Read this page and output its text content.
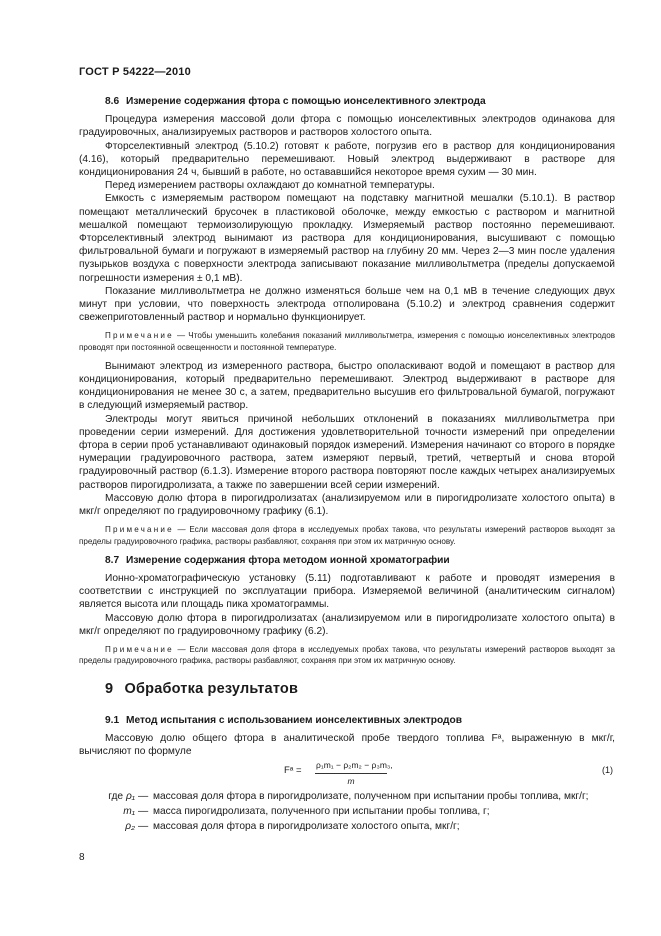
ГОСТ Р 54222—2010
8.6 Измерение содержания фтора с помощью ионселективного электрода

Процедура измерения массовой доли фтора с помощью ионселективных электродов одинакова для градуировочных, анализируемых растворов и растворов холостого опыта.

Фторселективный электрод (5.10.2) готовят к работе, погрузив его в раствор для кондиционирования (4.16), который предварительно перемешивают. Новый электрод выдерживают в растворе для кондиционирования 24 ч, бывший в работе, но остававшийся некоторое время сухим — 30 мин.

Перед измерением растворы охлаждают до комнатной температуры.

Емкость с измеряемым раствором помещают на подставку магнитной мешалки (5.10.1). В раствор помещают металлический брусочек в пластиковой оболочке, между емкостью с раствором и магнитной мешалкой помещают термоизолирующую прокладку. Измеряемый раствор постоянно перемешивают. Фторселективный электрод вынимают из раствора для кондиционирования, высушивают с помощью фильтровальной бумаги и погружают в измеряемый раствор на глубину 20 мм. Через 2—3 мин после удаления пузырьков воздуха с поверхности электрода записывают показание милливольтметра (пределы допускаемой погрешности измерения ± 0,1 мВ).

Показание милливольтметра не должно изменяться больше чем на 0,1 мВ в течение следующих двух минут при условии, что поверхность электрода отполирована (5.10.2) и электрод сравнения содержит свежеприготовленный раствор и нормально функционирует.

Примечание — Чтобы уменьшить колебания показаний милливольтметра, измерения с помощью ионселективных электродов проводят при постоянной освещенности и постоянной температуре.

Вынимают электрод из измеренного раствора, быстро ополаскивают водой и помещают в раствор для кондиционирования, который предварительно перемешивают. Электрод выдерживают в растворе для кондиционирования не менее 30 с, а затем, предварительно высушив его фильтровальной бумагой, погружают в следующий измеряемый раствор.

Электроды могут явиться причиной небольших отклонений в показаниях милливольтметра при проведении серии измерений. Для достижения удовлетворительной точности измерений при определении фтора в серии проб устанавливают одинаковый порядок измерений. Измерения начинают со второго в порядке нумерации градуировочного раствора, затем измеряют первый, третий, четвертый и снова второй градуировочный раствор (6.1.3). Измерение второго раствора повторяют после каждых четырех анализируемых растворов пирогидролизата, а также по завершении всей серии измерений.

Массовую долю фтора в пирогидролизатах (анализируемом или в пирогидролизате холостого опыта) в мкг/г определяют по градуировочному графику (6.1).

Примечание — Если массовая доля фтора в исследуемых пробах такова, что результаты измерений растворов выходят за пределы градуировочного графика, растворы разбавляют, сохраняя при этом их матричную основу.

8.7 Измерение содержания фтора методом ионной хроматографии

Ионно-хроматографическую установку (5.11) подготавливают к работе и проводят измерения в соответствии с инструкцией по эксплуатации прибора. Измеряемой величиной (аналитическим сигналом) является высота или площадь пика хроматограммы.

Массовую долю фтора в пирогидролизатах (анализируемом или в пирогидролизате холостого опыта) в мкг/г определяют по градуировочному графику (6.2).

Примечание — Если массовая доля фтора в исследуемых пробах такова, что результаты измерений растворов выходят за пределы градуировочного графика, растворы разбавляют, сохраняя при этом их матричную основу.

9 Обработка результатов
9.1 Метод испытания с использованием ионселективных электродов

Массовую долю общего фтора в аналитической пробе твердого топлива Fᵃ, выраженную в мкг/г, вычисляют по формуле

Fᵃ = $\frac{\text{ρ₁m₁ − ρ₂m₂ − ρ₃m₃,}}{m}$	(1)
где ρ₁ — массовая доля фтора в пирогидролизате, полученном при испытании пробы топлива, мкг/г;
m₁ — масса пирогидролизата, полученного при испытании пробы топлива, г;
ρ₂ — массовая доля фтора в пирогидролизате холостого опыта, мкг/г;
8
